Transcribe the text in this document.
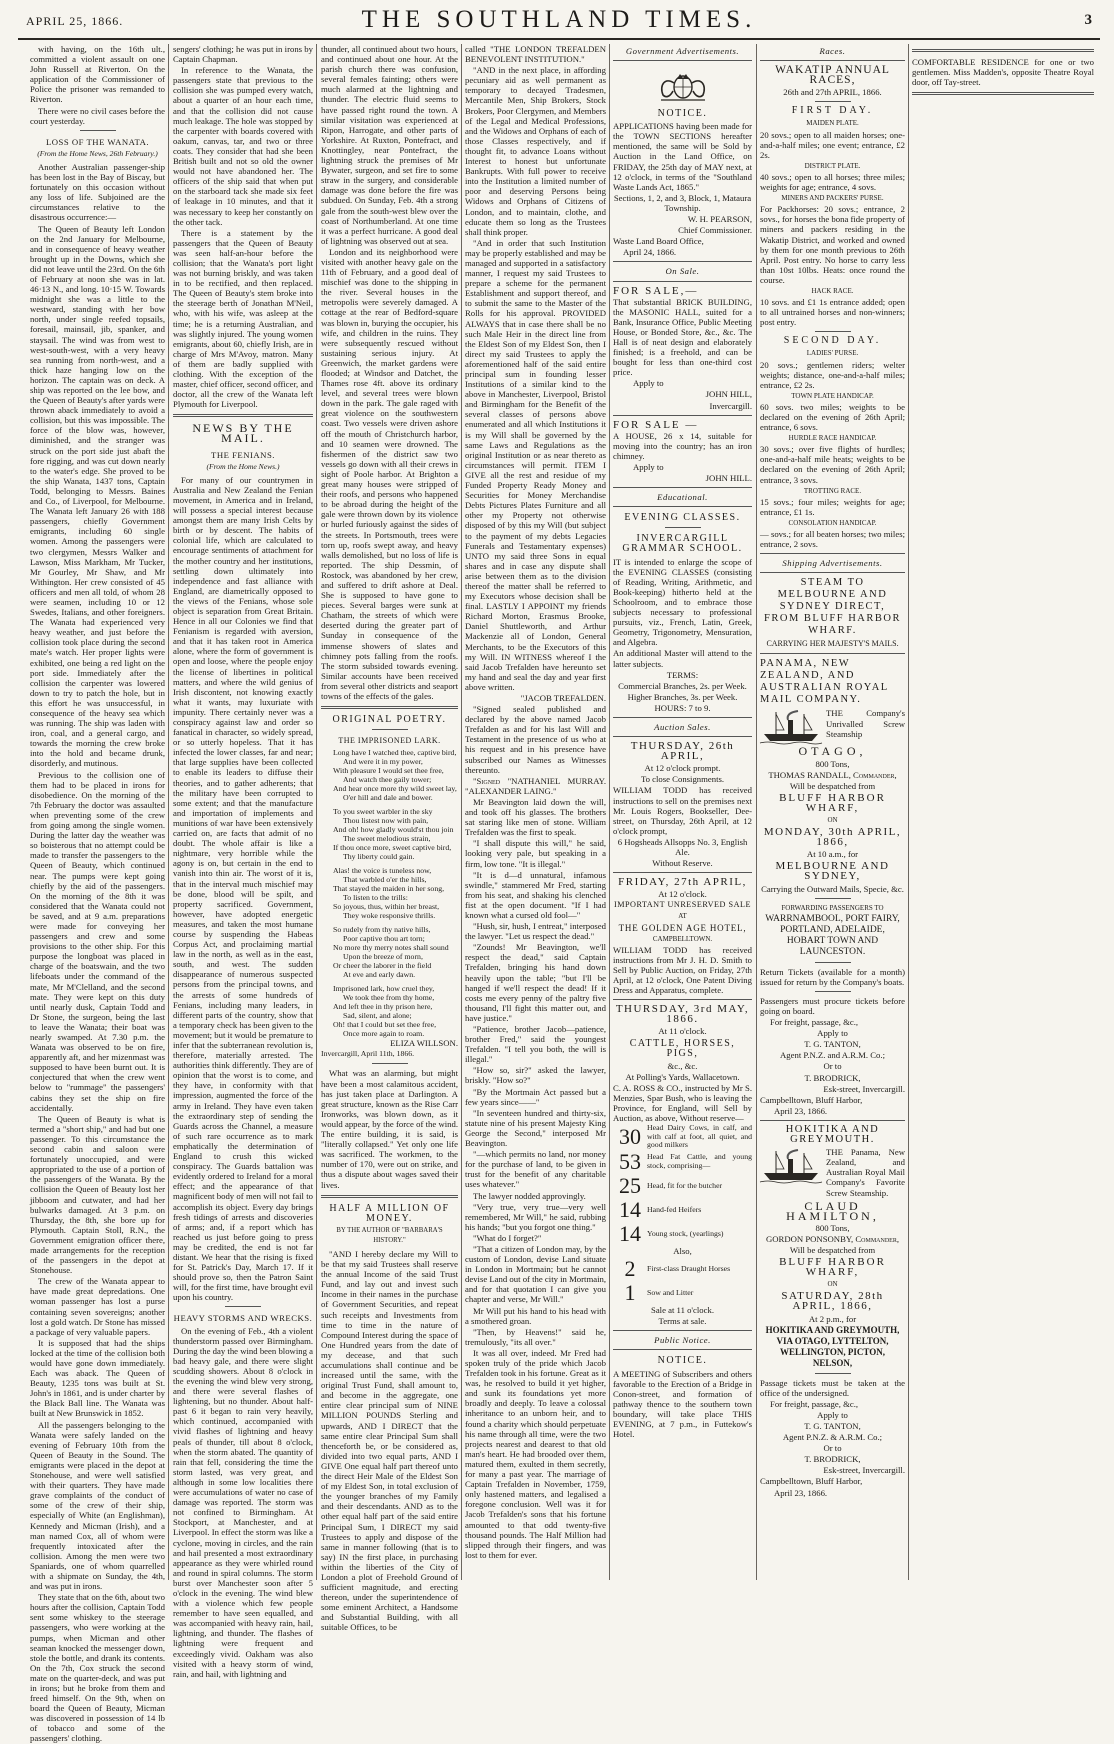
APRIL 25, 1866.	THE SOUTHLAND TIMES.	3

with having, on the 16th ult., committed a violent assault on one John Russell at Riverton. On the application of the Commissioner of Police the prisoner was remanded to Riverton.

There were no civil cases before the court yesterday.

LOSS OF THE WANATA.
(From the Home News, 26th February.)

Another Australian passenger-ship has been lost in the Bay of Biscay, but fortunately on this occasion without any loss of life. Subjoined are the circumstances relative to the disastrous occurrence:—

The Queen of Beauty left London on the 2nd January for Melbourne, and in consequence of heavy weather brought up in the Downs, which she did not leave until the 23rd. On the 6th of February at noon she was in lat. 46·13 N., and long. 10·15 W. Towards midnight she was a little to the westward, standing with her bow north, under single reefed topsails, foresail, mainsail, jib, spanker, and staysail. The wind was from west to west-south-west, with a very heavy sea running from north-west, and a thick haze hanging low on the horizon. The captain was on deck. A ship was reported on the lee bow, and the Queen of Beauty's after yards were thrown aback immediately to avoid a collision, but this was impossible. The force of the blow was, however, diminished, and the stranger was struck on the port side just abaft the fore rigging, and was cut down nearly to the water's edge. She proved to be the ship Wanata, 1437 tons, Captain Todd, belonging to Messrs. Baines and Co., of Liverpool, for Melbourne. The Wanata left January 26 with 188 passengers, chiefly Government emigrants, including 60 single women. Among the passengers were two clergymen, Messrs Walker and Lawson, Miss Markham, Mr Tucker, Mr Gourley, Mr Shaw, and Mr Withington. Her crew consisted of 45 officers and men all told, of whom 28 were seamen, including 10 or 12 Swedes, Italians, and other foreigners. The Wanata had experienced very heavy weather, and just before the collision took place during the second mate's watch. Her proper lights were exhibited, one being a red light on the port side. Immediately after the collision the carpenter was lowered down to try to patch the hole, but in this effort he was unsuccessful, in consequence of the heavy sea which was running. The ship was laden with iron, coal, and a general cargo, and towards the morning the crew broke into the hold and became drunk, disorderly, and mutinous.

Previous to the collision one of them had to be placed in irons for disobedience. On the morning of the 7th February the doctor was assaulted when preventing some of the crew from going among the single women. During the latter day the weather was so boisterous that no attempt could be made to transfer the passengers to the Queen of Beauty, which continued near. The pumps were kept going chiefly by the aid of the passengers. On the morning of the 8th it was considered that the Wanata could not be saved, and at 9 a.m. preparations were made for conveying her passengers and crew and some provisions to the other ship. For this purpose the longboat was placed in charge of the boatswain, and the two lifeboats under the command of the mate, Mr M'Clelland, and the second mate. They were kept on this duty until nearly dusk, Captain Todd and Dr Stone, the surgeon, being the last to leave the Wanata; their boat was nearly swamped. At 7.30 p.m. the Wanata was observed to be on fire, apparently aft, and her mizenmast was supposed to have been burnt out. It is conjectured that when the crew went below to "rummage" the passengers' cabins they set the ship on fire accidentally.

The Queen of Beauty is what is termed a "short ship," and had but one passenger. To this circumstance the second cabin and saloon were fortunately unoccupied, and were appropriated to the use of a portion of the passengers of the Wanata. By the collision the Queen of Beauty lost her jibboom and cutwater, and had her bulwarks damaged. At 3 p.m. on Thursday, the 8th, she bore up for Plymouth. Captain Stoll, R.N., the Government emigration officer there, made arrangements for the reception of the passengers in the depot at Stonehouse.

The crew of the Wanata appear to have made great depredations. One woman passenger has lost a purse containing seven sovereigns; another lost a gold watch. Dr Stone has missed a package of very valuable papers.

It is supposed that had the ships locked at the time of the collision both would have gone down immediately. Each was aback. The Queen of Beauty, 1235 tons was built at St. John's in 1861, and is under charter by the Black Ball line. The Wanata was built at New Brunswick in 1852.

All the passengers belonging to the Wanata were safely landed on the evening of February 10th from the Queen of Beauty in the Sound. The emigrants were placed in the depot at Stonehouse, and were well satisfied with their quarters. They have made grave complaints of the conduct of some of the crew of their ship, especially of White (an Englishman), Kennedy and Micman (Irish), and a man named Cox, all of whom were frequently intoxicated after the collision. Among the men were two Spaniards, one of whom quarrelled with a shipmate on Sunday, the 4th, and was put in irons.

They state that on the 6th, about two hours after the collision, Captain Todd sent some whiskey to the steerage passengers, who were working at the pumps, when Micman and other seaman knocked the messenger down, stole the bottle, and drank its contents. On the 7th, Cox struck the second mate on the quarter-deck, and was put in irons; but he broke from them and freed himself. On the 9th, when on board the Queen of Beauty, Micman was discovered in possession of 14 lb of tobacco and some of the passengers' clothing.

sengers' clothing; he was put in irons by Captain Chapman.

In reference to the Wanata, the passengers state that previous to the collision she was pumped every watch, about a quarter of an hour each time, and that the collision did not cause much leakage. The hole was stopped by the carpenter with boards covered with oakum, canvas, tar, and two or three coats. They consider that had she been British built and not so old the owner would not have abandoned her. The officers of the ship said that when put on the starboard tack she made six feet of leakage in 10 minutes, and that it was necessary to keep her constantly on the other tack.

There is a statement by the passengers that the Queen of Beauty was seen half-an-hour before the collision; that the Wanata's port light was not burning briskly, and was taken in to be rectified, and then replaced. The Queen of Beauty's stem broke into the steerage berth of Jonathan M'Neil, who, with his wife, was asleep at the time; he is a returning Australian, and was slightly injured. The young women emigrants, about 60, chiefly Irish, are in charge of Mrs M'Avoy, matron. Many of them are badly supplied with clothing. With the exception of the master, chief officer, second officer, and doctor, all the crew of the Wanata left Plymouth for Liverpool.

NEWS BY THE MAIL.
THE FENIANS.
(From the Home News.)

For many of our countrymen in Australia and New Zealand the Fenian movement, in America and in Ireland, will possess a special interest because amongst them are many Irish Celts by birth or by descent. The habits of colonial life, which are calculated to encourage sentiments of attachment for the mother country and her institutions, settling down ultimately into independence and fast alliance with England, are diametrically opposed to the views of the Fenians, whose sole object is separation from Great Britain. Hence in all our Colonies we find that Fenianism is regarded with aversion, and that it has taken root in America alone, where the form of government is open and loose, where the people enjoy the license of libertines in political matters, and where the wild genius of Irish discontent, not knowing exactly what it wants, may luxuriate with impunity. There certainly never was a conspiracy against law and order so fanatical in character, so widely spread, or so utterly hopeless. That it has infected the lower classes, far and near; that large supplies have been collected to enable its leaders to diffuse their theories, and to gather adherents; that the military have been corrupted to some extent; and that the manufacture and importation of implements and munitions of war have been extensively carried on, are facts that admit of no doubt. The whole affair is like a nightmare, very horrible while the agony is on, but certain in the end to vanish into thin air. The worst of it is, that in the interval much mischief may be done, blood will be spilt, and property sacrificed. Government, however, have adopted energetic measures, and taken the most humane course by suspending the Habeas Corpus Act, and proclaiming martial law in the north, as well as in the east, south, and west. The sudden disappearance of numerous suspected persons from the principal towns, and the arrests of some hundreds of Fenians, including many leaders, in different parts of the country, show that a temporary check has been given to the movement; but it would be premature to infer that the subterranean revolution is, therefore, materially arrested. The authorities think differently. They are of opinion that the worst is to come, and they have, in conformity with that impression, augmented the force of the army in Ireland. They have even taken the extraordinary step of sending the Guards across the Channel, a measure of such rare occurrence as to mark emphatically the determination of England to crush this wicked conspiracy. The Guards battalion was evidently ordered to Ireland for a moral effect; and the appearance of that magnificent body of men will not fail to accomplish its object. Every day brings fresh tidings of arrests and discoveries of arms; and, if a report which has reached us just before going to press may be credited, the end is not far distant. We hear that the rising is fixed for St. Patrick's Day, March 17. If it should prove so, then the Patron Saint will, for the first time, have brought evil upon his country.

HEAVY STORMS AND WRECKS.

On the evening of Feb., 4th a violent thunderstorm passed over Birmingham. During the day the wind been blowing a bad heavy gale, and there were slight scudding showers. About 8 o'clock in the evening the wind blew very strong, and there were several flashes of lightening, but no thunder. About half-past 6 it began to rain very heavily, which continued, accompanied with vivid flashes of lightning and heavy peals of thunder, till about 8 o'clock, when the storm abated. The quantity of rain that fell, considering the time the storm lasted, was very great, and although in some low localities there were accumulations of water no case of damage was reported. The storm was not confined to Birmingham. At Stockport, at Manchester, and at Liverpool. In effect the storm was like a cyclone, moving in circles, and the rain and hail presented a most extraordinary appearance as they were whirled round and round in spiral columns. The storm burst over Manchester soon after 5 o'clock in the evening. The wind blew with a violence which few people remember to have seen equalled, and was accompanied with heavy rain, hail, lightning, and thunder. The flashes of lightning were frequent and exceedingly vivid. Oakham was also visited with a heavy storm of wind, rain, and hail, with lightning and

thunder, all continued about two hours, and continued about one hour. At the parish church there was confusion, several females fainting; others were much alarmed at the lightning and thunder. The electric fluid seems to have passed right round the town. A similar visitation was experienced at Ripon, Harrogate, and other parts of Yorkshire. At Ruxton, Pontefract, and Knottingley, near Pontefract, the lightning struck the premises of Mr Bywater, surgeon, and set fire to some straw in the surgery, and considerable damage was done before the fire was subdued. On Sunday, Feb. 4th a strong gale from the south-west blew over the coast of Northumberland. At one time it was a perfect hurricane. A good deal of lightning was observed out at sea.

London and its neighborhood were visited with another heavy gale on the 11th of February, and a good deal of mischief was done to the shipping in the river. Several houses in the metropolis were severely damaged. A cottage at the rear of Bedford-square was blown in, burying the occupier, his wife, and children in the ruins. They were subsequently rescued without sustaining serious injury. At Greenwich, the market gardens were flooded; at Windsor and Datchet, the Thames rose 4ft. above its ordinary level, and several trees were blown down in the park. The gale raged with great violence on the southwestern coast. Two vessels were driven ashore off the mouth of Christchurch harbor, and 10 seamen were drowned. The fishermen of the district saw two vessels go down with all their crews in sight of Poole harbor. At Brighton a great many houses were stripped of their roofs, and persons who happened to be abroad during the height of the gale were thrown down by its violence or hurled furiously against the sides of the streets. In Portsmouth, trees were torn up, roofs swept away, and heavy walls demolished, but no loss of life is reported. The ship Dessmin, of Rostock, was abandoned by her crew, and suffered to drift ashore at Deal. She is supposed to have gone to pieces. Several barges were sunk at Chatham, the streets of which were deserted during the greater part of Sunday in consequence of the immense showers of slates and chimney pots falling from the roofs. The storm subsided towards evening. Similar accounts have been received from several other districts and seaport towns of the effects of the gales.

ORIGINAL POETRY.
THE IMPRISONED LARK.
Long have I watched thee, captive bird,
And were it in my power,
With pleasure I would set thee free,
And watch thee gaily tower;
And hear once more thy wild sweet lay,
O'er hill and dale and bower.
To you sweet warbler in the sky
Thou listest now with pain,
And oh! how gladly would'st thou join
The sweet melodious strain,
If thou once more, sweet captive bird,
Thy liberty could gain.
Alas! the voice is tuneless now,
That warbled o'er the hills,
That stayed the maiden in her song,
To listen to the trills:
So joyous, thus, within her breast,
They woke responsive thrills.
So rudely from thy native hills,
Poor captive thou art torn;
No more thy merry notes shall sound
Upon the breeze of morn,
Or cheer the laborer in the field
At eve and early dawn.
Imprisoned lark, how cruel they,
We took thee from thy home,
And left thee in thy prison here,
Sad, silent, and alone;
Oh! that I could but set thee free,
Once more again to roam.

ELIZA WILLSON.

Invercargill, April 11th, 1866.

What was an alarming, but might have been a most calamitous accident, has just taken place at Darlington. A great structure, known as the Rise Carr Ironworks, was blown down, as it would appear, by the force of the wind. The entire building, it is said, is "literally collapsed." Yet only one life was sacrificed. The workmen, to the number of 170, were out on strike, and thus a dispute about wages saved their lives.

HALF A MILLION OF MONEY.
BY THE AUTHOR OF "BARBARA'S HISTORY."

"AND I hereby declare my Will to be that my said Trustees shall reserve the annual Income of the said Trust Fund, and lay out and invest such Income in their names in the purchase of Government Securities, and repeat such receipts and Investments from time to time in the nature of Compound Interest during the space of One Hundred years from the date of my decease, and that such accumulations shall continue and be increased until the same, with the original Trust Fund, shall amount to, and become in the aggregate, one entire clear principal sum of NINE MILLION POUNDS Sterling and upwards, AND I DIRECT that the same entire clear Principal Sum shall thenceforth be, or be considered as, divided into two equal parts, AND I GIVE One equal half part thereof unto the direct Heir Male of the Eldest Son of my Eldest Son, in total exclusion of the younger branches of my Family and their descendants. AND as to the other equal half part of the said entire Principal Sum, I DIRECT my said Trustees to apply and dispose of the same in manner following (that is to say) IN the first place, in purchasing within the liberties of the City of London a plot of Freehold Ground of sufficient magnitude, and erecting thereon, under the superintendence of some eminent Architect, a Handsome and Substantial Building, with all suitable Offices, to be

called "THE LONDON TREFALDEN BENEVOLENT INSTITUTION."

"AND in the next place, in affording pecuniary aid as well permanent as temporary to decayed Tradesmen, Mercantile Men, Ship Brokers, Stock Brokers, Poor Clergymen, and Members of the Legal and Medical Professions, and the Widows and Orphans of each of those Classes respectively, and if thought fit, to advance Loans without Interest to honest but unfortunate Bankrupts. With full power to receive into the Institution a limited number of poor and deserving Persons being Widows and Orphans of Citizens of London, and to maintain, clothe, and educate them so long as the Trustees shall think proper.

"And in order that such Institution may be properly established and may be managed and supported in a satisfactory manner, I request my said Trustees to prepare a scheme for the permanent Establishment and support thereof, and to submit the same to the Master of the Rolls for his approval. PROVIDED ALWAYS that in case there shall be no such Male Heir in the direct line from the Eldest Son of my Eldest Son, then I direct my said Trustees to apply the aforementioned half of the said entire principal sum in founding lesser Institutions of a similar kind to the above in Manchester, Liverpool, Bristol and Birmingham for the Benefit of the several classes of persons above enumerated and all which Institutions it is my Will shall be governed by the same Laws and Regulations as the original Institution or as near thereto as circumstances will permit. ITEM I GIVE all the rest and residue of my Funded Property Ready Money and Securities for Money Merchandise Debts Pictures Plates Furniture and all other my Property not otherwise disposed of by this my Will (but subject to the payment of my debts Legacies Funerals and Testamentary expenses) UNTO my said three Sons in equal shares and in case any dispute shall arise between them as to the division thereof the matter shall be referred to my Executors whose decision shall be final. LASTLY I APPOINT my friends Richard Morton, Erasmus Brooke, Daniel Shuttleworth, and Arthur Mackenzie all of London, General Merchants, to be the Executors of this my Will. IN WITNESS whereof I the said Jacob Trefalden have hereunto set my hand and seal the day and year first above written.

"JACOB TREFALDEN.

"Signed sealed published and declared by the above named Jacob Trefalden as and for his last Will and Testament in the presence of us who at his request and in his presence have subscribed our Names as Witnesses thereunto.

"Signed "NATHANIEL MURRAY. "ALEXANDER LAING."

Mr Beavington laid down the will, and took off his glasses. The brothers sat staring like men of stone. William Trefalden was the first to speak.

"I shall dispute this will," he said, looking very pale, but speaking in a firm, low tone. "It is illegal."

"It is d—d unnatural, infamous swindle," stammered Mr Fred, starting from his seat, and shaking his clenched fist at the open document. "If I had known what a cursed old fool—"

"Hush, sir, hush, I entreat," interposed the lawyer. "Let us respect the dead."

"Zounds! Mr Beavington, we'll respect the dead," said Captain Trefalden, bringing his hand down heavily upon the table; "but I'll be hanged if we'll respect the dead! If it costs me every penny of the paltry five thousand, I'll fight this matter out, and have justice."

"Patience, brother Jacob—patience, brother Fred," said the youngest Trefalden. "I tell you both, the will is illegal."

"How so, sir?" asked the lawyer, briskly. "How so?"

"By the Mortmain Act passed but a few years since——"

"In seventeen hundred and thirty-six, statute nine of his present Majesty King George the Second," interposed Mr Beavington.

"—which permits no land, nor money for the purchase of land, to be given in trust for the benefit of any charitable uses whatever."

The lawyer nodded approvingly.

"Very true, very true—very well remembered, Mr Will," he said, rubbing his hands; "but you forgot one thing."

"What do I forget?"

"That a citizen of London may, by the custom of London, devise Land situate in London in Mortmain; but he cannot devise Land out of the city in Mortmain, and for that quotation I can give you chapter and verse, Mr Will."

Mr Will put his hand to his head with a smothered groan.

"Then, by Heavens!" said he, tremulously, "its all over."

It was all over, indeed. Mr Fred had spoken truly of the pride which Jacob Trefalden took in his fortune. Great as it was, he resolved to build it yet higher, and sunk its foundations yet more broadly and deeply. To leave a colossal inheritance to an unborn heir, and to found a charity which should perpetuate his name through all time, were the two projects nearest and dearest to that old man's heart. He had brooded over them, matured them, exulted in them secretly, for many a past year. The marriage of Captain Trefalden in November, 1759, only hastened matters, and legalised a foregone conclusion. Well was it for Jacob Trefalden's sons that his fortune amounted to that odd twenty-five thousand pounds. The Half Million had slipped through their fingers, and was lost to them for ever.

Government Advertisements.
NOTICE.

APPLICATIONS having been made for the TOWN SECTIONS hereafter mentioned, the same will be Sold by Auction in the Land Office, on FRIDAY, the 25th day of MAY next, at 12 o'clock, in terms of the "Southland Waste Lands Act, 1865."

Sections, 1, 2, and 3, Block, 1, Mataura Township.

W. H. PEARSON,

Chief Commissioner.

Waste Land Board Office,

April 24, 1866.

On Sale.

FOR SALE,—

That substantial BRICK BUILDING, the MASONIC HALL, suited for a Bank, Insurance Office, Public Meeting House, or Bonded Store, &c., &c. The Hall is of neat design and elaborately finished; is a freehold, and can be bought for less than one-third cost price.

Apply to

JOHN HILL,

Invercargill.

FOR SALE —

A HOUSE, 26 x 14, suitable for moving into the country; has an iron chimney.

Apply to

JOHN HILL.

Educational.
EVENING CLASSES.
INVERCARGILL GRAMMAR SCHOOL.

IT is intended to enlarge the scope of the EVENING CLASSES (consisting of Reading, Writing, Arithmetic, and Book-keeping) hitherto held at the Schoolroom, and to embrace those subjects necessary to professional pursuits, viz., French, Latin, Greek, Geometry, Trigonometry, Mensuration, and Algebra.

An additional Master will attend to the latter subjects.

TERMS:

Commercial Branches, 2s. per Week.

Higher Branches, 3s. per Week.

HOURS: 7 to 9.

Auction Sales.
THURSDAY, 26th APRIL,

At 12 o'clock prompt.

To close Consignments.

WILLIAM TODD has received instructions to sell on the premises next Mr. Louis Rogers, Bookseller, Dee-street, on Thursday, 26th April, at 12 o'clock prompt,

6 Hogsheads Allsopps No. 3, English Ale.

Without Reserve.

FRIDAY, 27th APRIL,

At 12 o'clock.

IMPORTANT UNRESERVED SALE

AT

THE GOLDEN AGE HOTEL,

CAMPBELLTOWN.

WILLIAM TODD has received instructions from Mr J. H. D. Smith to Sell by Public Auction, on Friday, 27th April, at 12 o'clock, One Patent Diving Dress and Apparatus, complete.

THURSDAY, 3rd MAY, 1866.

At 11 o'clock.

CATTLE, HORSES, PIGS,

&c., &c.

At Polling's Yards, Wallacetown.

C. A. ROSS & CO., instructed by Mr S. Menzies, Spar Bush, who is leaving the Province, for England, will Sell by Auction, as above, Without reserve—

30 Head Dairy Cows, in calf, and with calf at foot, all quiet, and good milkers
53 Head Fat Cattle, and young stock, comprising—
25 Head, fit for the butcher
14 Hand-fed Heifers
14 Young stock, (yearlings)

Also,

2	First-class Draught Horses
1	Sow and Litter

Sale at 11 o'clock.

Terms at sale.

Public Notice.
NOTICE.

A MEETING of Subscribers and others favorable to the Erection of a Bridge in Conon-street, and formation of pathway thence to the southern town boundary, will take place THIS EVENING, at 7 p.m., in Futtekow's Hotel.

Races.
WAKATIP ANNUAL RACES,

26th and 27th APRIL, 1866.

FIRST DAY.

MAIDEN PLATE.

20 sovs.; open to all maiden horses; one-and-a-half miles; one event; entrance, £2 2s.

DISTRICT PLATE.

40 sovs.; open to all horses; three miles; weights for age; entrance, 4 sovs.

MINERS AND PACKERS' PURSE.

For Packhorses: 20 sovs.; entrance, 2 sovs., for horses the bona fide property of miners and packers residing in the Wakatip District, and worked and owned by them for one month previous to 26th April. Post entry. No horse to carry less than 10st 10lbs. Heats: once round the course.

HACK RACE.

10 sovs. and £1 1s entrance added; open to all untrained horses and non-winners; post entry.

SECOND DAY.

LADIES' PURSE.

20 sovs.; gentlemen riders; welter weights; distance, one-and-a-half miles; entrance, £2 2s.

TOWN PLATE HANDICAP.

60 sovs. two miles; weights to be declared on the evening of 26th April; entrance, 6 sovs.

HURDLE RACE HANDICAP.

30 sovs.; over five flights of hurdles; one-and-a-half mile heats; weights to be declared on the evening of 26th April; entrance, 3 sovs.

TROTTING RACE.

15 sovs.; four miles; weights for age; entrance, £1 1s.

CONSOLATION HANDICAP.

— sovs.; for all beaten horses; two miles; entrance, 2 sovs.

Shipping Advertisements.
STEAM TO MELBOURNE AND SYDNEY DIRECT, FROM BLUFF HARBOR WHARF.

CARRYING HER MAJESTY'S MAILS.

PANAMA, NEW ZEALAND, AND AUSTRALIAN ROYAL MAIL COMPANY.

THE Company's Unrivalled Screw Steamship

OTAGO,

800 Tons,

THOMAS RANDALL, Commander,

Will be despatched from

BLUFF HARBOR WHARF,

ON

MONDAY, 30th APRIL, 1866,

At 10 a.m., for

MELBOURNE AND SYDNEY,

Carrying the Outward Mails, Specie, &c.

FORWARDING PASSENGERS TO

WARRNAMBOOL, PORT FAIRY, PORTLAND, ADELAIDE, HOBART TOWN AND LAUNCESTON.

Return Tickets (available for a month) issued for return by the Company's boats.

Passengers must procure tickets before going on board.

For freight, passage, &c.,

Apply to

T. G. TANTON,

Agent P.N.Z. and A.R.M. Co.;

Or to

T. BRODRICK,

Esk-street, Invercargill.

Campbelltown, Bluff Harbor,

April 23, 1866.

HOKITIKA AND GREYMOUTH.

THE Panama, New Zealand, and Australian Royal Mail Company's Favorite Screw Steamship.

CLAUD HAMILTON,

800 Tons,

GORDON PONSONBY, Commander,

Will be despatched from

BLUFF HARBOR WHARF,

ON

SATURDAY, 28th APRIL, 1866,

At 2 p.m., for

HOKITIKA AND GREYMOUTH, VIA OTAGO, LYTTELTON, WELLINGTON, PICTON, NELSON,

Passage tickets must be taken at the office of the undersigned.

For freight, passage, &c.,

Apply to

T. G. TANTON,

Agent P.N.Z. & A.R.M. Co.;

Or to

T. BRODRICK,

Esk-street, Invercargill.

Campbelltown, Bluff Harbor,

April 23, 1866.

COMFORTABLE RESIDENCE for one or two gentlemen. Miss Madden's, opposite Theatre Royal door, off Tay-street.
